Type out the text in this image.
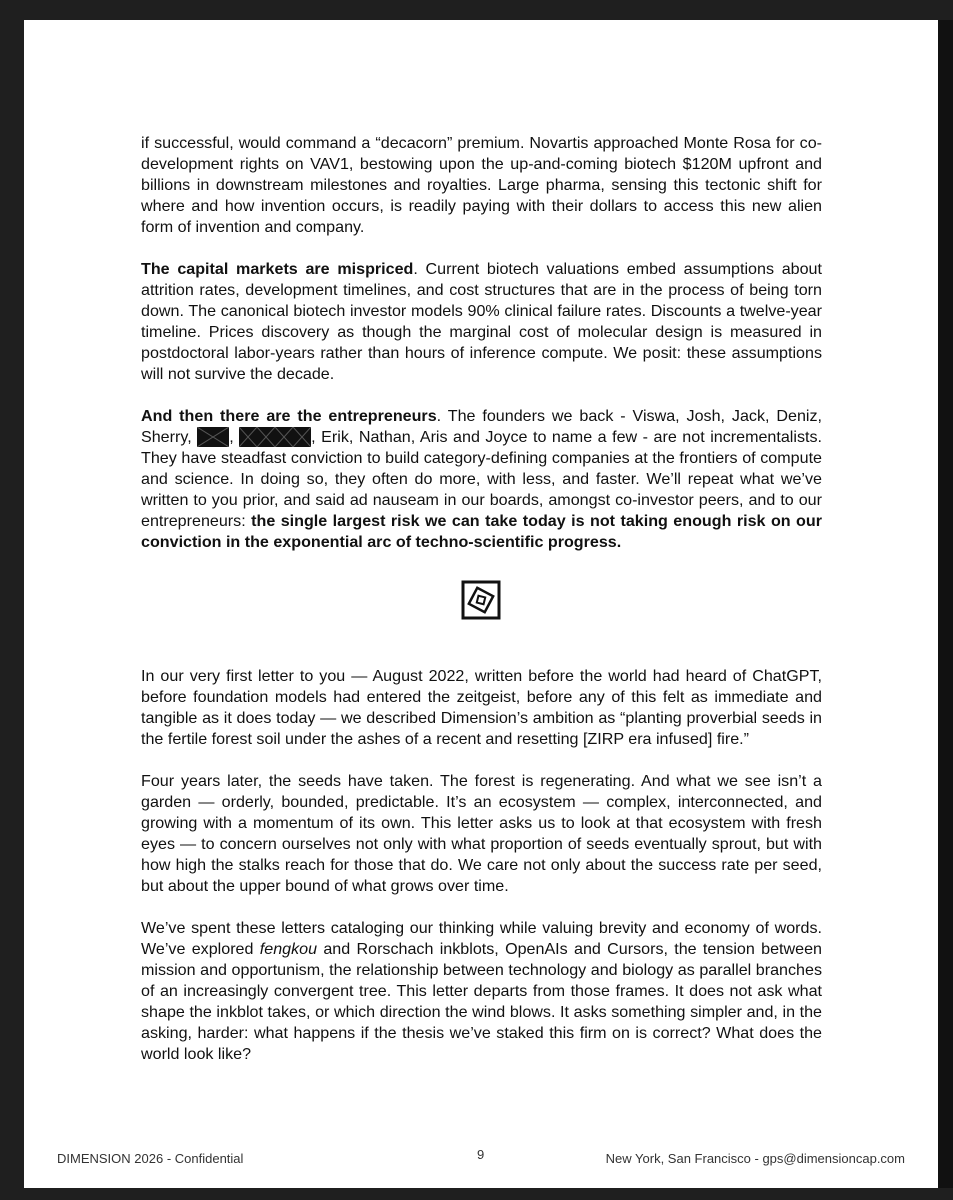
if successful, would command a “decacorn” premium. Novartis approached Monte Rosa for co-development rights on VAV1, bestowing upon the up-and-coming biotech $120M upfront and billions in downstream milestones and royalties. Large pharma, sensing this tectonic shift for where and how invention occurs, is readily paying with their dollars to access this new alien form of invention and company.

The capital markets are mispriced. Current biotech valuations embed assumptions about attrition rates, development timelines, and cost structures that are in the process of being torn down. The canonical biotech investor models 90% clinical failure rates. Discounts a twelve-year timeline. Prices discovery as though the marginal cost of molecular design is measured in postdoctoral labor-years rather than hours of inference compute. We posit: these assumptions will not survive the decade.

And then there are the entrepreneurs. The founders we back - Viswa, Josh, Jack, Deniz, Sherry,
,	, Erik, Nathan, Aris and Joyce to name a few - are not incrementalists. They have steadfast conviction to build category-defining companies at the frontiers of compute and science. In doing so, they often do more, with less, and faster. We’ll repeat what we’ve written to you prior, and said ad nauseam in our boards, amongst co-investor peers, and to our entrepreneurs: the single largest risk we can take today is not taking enough risk on our conviction in the exponential arc of techno-scientific progress.

In our very first letter to you — August 2022, written before the world had heard of ChatGPT, before foundation models had entered the zeitgeist, before any of this felt as immediate and tangible as it does today — we described Dimension’s ambition as “planting proverbial seeds in the fertile forest soil under the ashes of a recent and resetting [ZIRP era infused] fire.”

Four years later, the seeds have taken. The forest is regenerating. And what we see isn’t a garden — orderly, bounded, predictable. It’s an ecosystem — complex, interconnected, and growing with a momentum of its own. This letter asks us to look at that ecosystem with fresh eyes — to concern ourselves not only with what proportion of seeds eventually sprout, but with how high the stalks reach for those that do. We care not only about the success rate per seed, but about the upper bound of what grows over time.

We’ve spent these letters cataloging our thinking while valuing brevity and economy of words. We’ve explored fengkou and Rorschach inkblots, OpenAIs and Cursors, the tension between mission and opportunism, the relationship between technology and biology as parallel branches of an increasingly convergent tree. This letter departs from those frames. It does not ask what shape the inkblot takes, or which direction the wind blows. It asks something simpler and, in the asking, harder: what happens if the thesis we’ve staked this firm on is correct? What does the world look like?

DIMENSION 2026 - Confidential	9	New York, San Francisco - gps@dimensioncap.com
